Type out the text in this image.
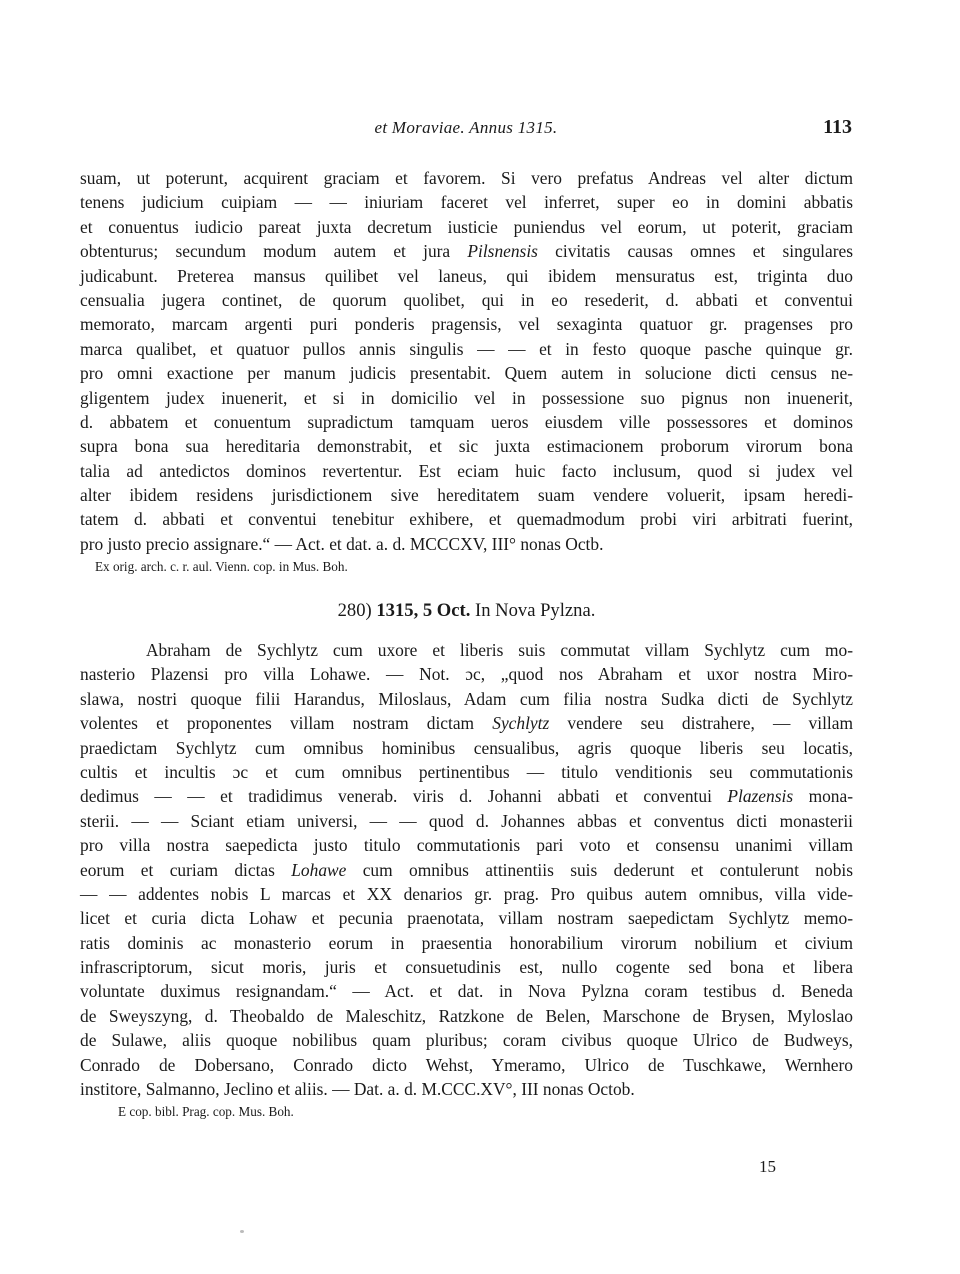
et Moraviae. Annus 1315.	113
suam, ut poterunt, acquirent graciam et favorem. Si vero prefatus Andreas vel alter dictum
tenens judicium cuipiam — — iniuriam faceret vel inferret, super eo in domini abbatis
et conuentus iudicio pareat juxta decretum iusticie puniendus vel eorum, ut poterit, graciam
obtenturus; secundum modum autem et jura Pilsnensis civitatis causas omnes et singulares
judicabunt. Preterea mansus quilibet vel laneus, qui ibidem mensuratus est, triginta duo
censualia jugera continet, de quorum quolibet, qui in eo resederit, d. abbati et conventui
memorato, marcam argenti puri ponderis pragensis, vel sexaginta quatuor gr. pragenses pro
marca qualibet, et quatuor pullos annis singulis — — et in festo quoque pasche quinque gr.
pro omni exactione per manum judicis presentabit. Quem autem in solucione dicti census ne-
gligentem judex inuenerit, et si in domicilio vel in possessione suo pignus non inuenerit,
d. abbatem et conuentum supradictum tamquam ueros eiusdem ville possessores et dominos
supra bona sua hereditaria demonstrabit, et sic juxta estimacionem proborum virorum bona
talia ad antedictos dominos revertentur. Est eciam huic facto inclusum, quod si judex vel
alter ibidem residens jurisdictionem sive hereditatem suam vendere voluerit, ipsam heredi-
tatem d. abbati et conventui tenebitur exhibere, et quemadmodum probi viri arbitrati fuerint,
pro justo precio assignare.“ — Act. et dat. a. d. MCCCXV, III° nonas Octb.
Ex orig. arch. c. r. aul. Vienn. cop. in Mus. Boh.
280) 1315, 5 Oct. In Nova Pylzna.
Abraham de Sychlytz cum uxore et liberis suis commutat villam Sychlytz cum mo-
nasterio Plazensi pro villa Lohawe. — Not. ɔc, „quod nos Abraham et uxor nostra Miro-
slawa, nostri quoque filii Harandus, Miloslaus, Adam cum filia nostra Sudka dicti de Sychlytz
volentes et proponentes villam nostram dictam Sychlytz vendere seu distrahere, — villam
praedictam Sychlytz cum omnibus hominibus censualibus, agris quoque liberis seu locatis,
cultis et incultis ɔc et cum omnibus pertinentibus — titulo venditionis seu commutationis
dedimus — — et tradidimus venerab. viris d. Johanni abbati et conventui Plazensis mona-
sterii. — — Sciant etiam universi, — — quod d. Johannes abbas et conventus dicti monasterii
pro villa nostra saepedicta justo titulo commutationis pari voto et consensu unanimi villam
eorum et curiam dictas Lohawe cum omnibus attinentiis suis dederunt et contulerunt nobis
— — addentes nobis L marcas et XX denarios gr. prag. Pro quibus autem omnibus, villa vide-
licet et curia dicta Lohaw et pecunia praenotata, villam nostram saepedictam Sychlytz memo-
ratis dominis ac monasterio eorum in praesentia honorabilium virorum nobilium et civium
infrascriptorum, sicut moris, juris et consuetudinis est, nullo cogente sed bona et libera
voluntate duximus resignandam.“ — Act. et dat. in Nova Pylzna coram testibus d. Beneda
de Sweyszyng, d. Theobaldo de Maleschitz, Ratzkone de Belen, Marschone de Brysen, Myloslao
de Sulawe, aliis quoque nobilibus quam pluribus; coram civibus quoque Ulrico de Budweys,
Conrado de Dobersano, Conrado dicto Wehst, Ymeramo, Ulrico de Tuschkawe, Wernhero
institore, Salmanno, Jeclino et aliis. — Dat. a. d. M.CCC.XV°, III nonas Octob.
E cop. bibl. Prag. cop. Mus. Boh.
15
